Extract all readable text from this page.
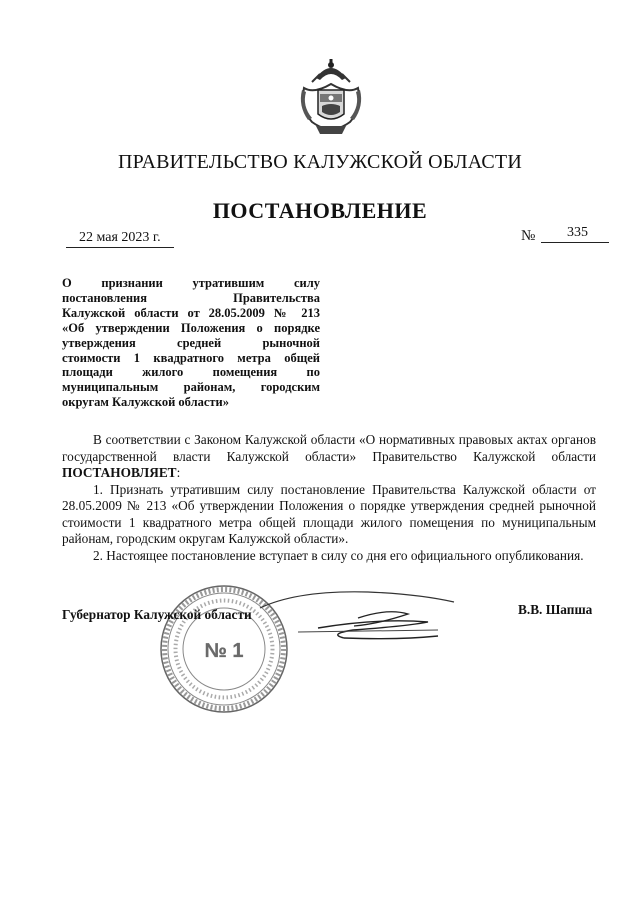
ПРАВИТЕЛЬСТВО КАЛУЖСКОЙ ОБЛАСТИ
ПОСТАНОВЛЕНИЕ
22 мая 2023 г.	№ 335
О признании утратившим силу
постановления Правительства
Калужской области от 28.05.2009 № 213
«Об утверждении Положения о порядке
утверждения средней рыночной
стоимости 1 квадратного метра общей
площади жилого помещения по
муниципальным районам, городским
округам Калужской области»
В соответствии с Законом Калужской области «О нормативных правовых актах органов государственной власти Калужской области» Правительство Калужской области ПОСТАНОВЛЯЕТ:
1. Признать утратившим силу постановление Правительства Калужской области от 28.05.2009 № 213 «Об утверждении Положения о порядке утверждения средней рыночной стоимости 1 квадратного метра общей площади жилого помещения по муниципальным районам, городским округам Калужской области».
2. Настоящее постановление вступает в силу со дня его официального опубликования.
№ 1
Губернатор Калужской области	В.В. Шапша
